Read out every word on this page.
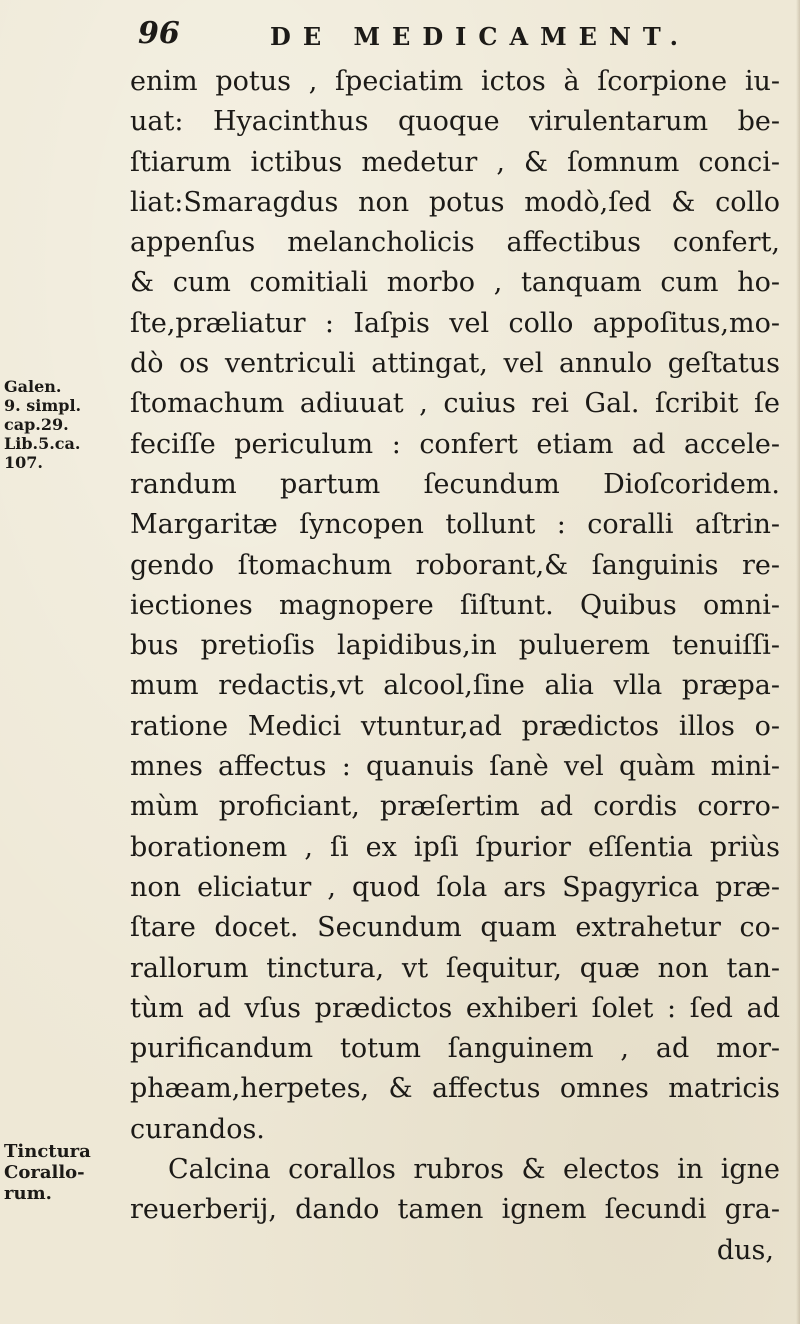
96	DE MEDICAMENT.
Galen.
9. simpl.
cap.29.
Lib.5.ca.
107.
Tinctura
Corallo-
rum.
enim potus , ſpeciatim ictos à ſcorpione iu-
uat: Hyacinthus quoque virulentarum be-
ſtiarum ictibus medetur , & ſomnum conci-
liat:Smaragdus non potus modò,ſed & collo
appenſus melancholicis affectibus confert,
& cum comitiali morbo , tanquam cum ho-
ſte,præliatur : Iaſpis vel collo appoſitus,mo-
dò os ventriculi attingat, vel annulo geſtatus
ſtomachum adiuuat , cuius rei Gal. ſcribit ſe
feciſſe periculum : confert etiam ad accele-
randum partum ſecundum Dioſcoridem.
Margaritæ ſyncopen tollunt : coralli aſtrin-
gendo ſtomachum roborant,& ſanguinis re-
iectiones magnopere ſiſtunt. Quibus omni-
bus pretioſis lapidibus,in puluerem tenuiſſi-
mum redactis,vt alcool,ſine alia vlla præpa-
ratione Medici vtuntur,ad prædictos illos o-
mnes affectus : quanuis ſanè vel quàm mini-
mùm proficiant, præſertim ad cordis corro-
borationem , ſi ex ipſi ſpurior eſſentia priùs
non eliciatur , quod ſola ars Spagyrica præ-
ſtare docet. Secundum quam extrahetur co-
rallorum tinctura, vt ſequitur, quæ non tan-
tùm ad vſus prædictos exhiberi ſolet : ſed ad
purificandum totum ſanguinem , ad mor-
phæam,herpetes, & affectus omnes matricis
curandos.
Calcina corallos rubros & electos in igne
reuerberij, dando tamen ignem ſecundi gra-
dus,
